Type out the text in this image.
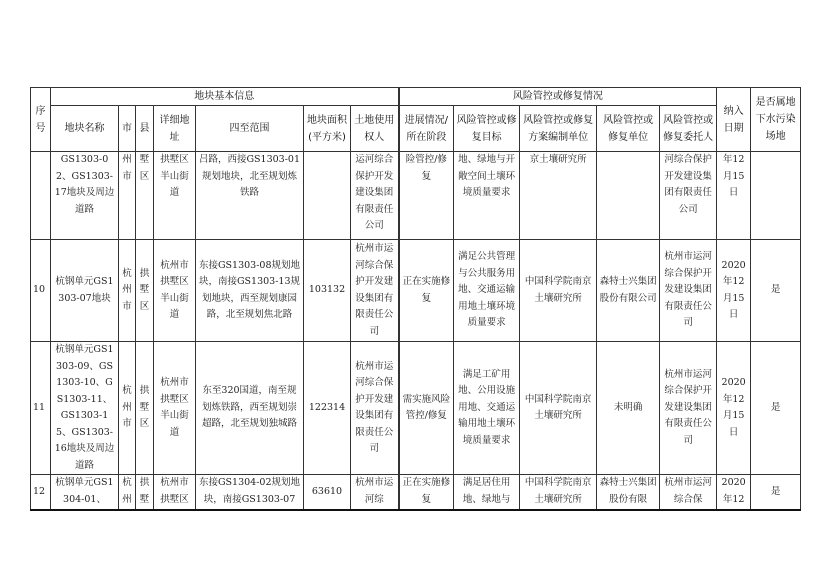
序号	地块基本信息							风险管控或修复情况					纳入日期	是否属地下水污染场地
	地块名称	市	县	详细地址	四至范围	地块面积(平方米)	土地使用权人	进展情况/所在阶段	风险管控或修复目标	风险管控或修复方案编制单位	风险管控或修复单位	风险管控或修复委托人		
	GS1303-02、GS1303-17地块及周边道路	州市	墅区	拱墅区半山街道	吕路，西接GS1303-01规划地块，北至规划炼铁路		运河综合保护开发建设集团有限责任公司	险管控/修复	地、绿地与开敞空间土壤环境质量要求	京土壤研究所		河综合保护开发建设集团有限责任公司	年12月15日	
10	杭钢单元GS1303-07地块	杭州市	拱墅区	杭州市拱墅区半山街道	东接GS1303-08规划地块，南接GS1303-13规划地块，西至规划康园路，北至规划焦北路	103132	杭州市运河综合保护开发建设集团有限责任公司	正在实施修复	满足公共管理与公共服务用地、交通运输用地土壤环境质量要求	中国科学院南京土壤研究所	森特士兴集团股份有限公司	杭州市运河综合保护开发建设集团有限责任公司	2020年12月15日	是
11	杭钢单元GS1303-09、GS1303-10、GS1303-11、GS1303-15、GS1303-16地块及周边道路	杭州市	拱墅区	杭州市拱墅区半山街道	东至320国道，南至规划炼铁路，西至规划崇超路，北至规划独城路	122314	杭州市运河综合保护开发建设集团有限责任公司	需实施风险管控/修复	满足工矿用地、公用设施用地、交通运输用地土壤环境质量要求	中国科学院南京土壤研究所	未明确	杭州市运河综合保护开发建设集团有限责任公司	2020年12月15日	是
12	杭钢单元GS1304-01、	杭州	拱墅	杭州市拱墅区	东接GS1304-02规划地块，南接GS1303-07	63610	杭州市运河综	正在实施修复	满足居住用地、绿地与	中国科学院南京土壤研究所	森特士兴集团股份有限	杭州市运河综合保	2020年12	是
